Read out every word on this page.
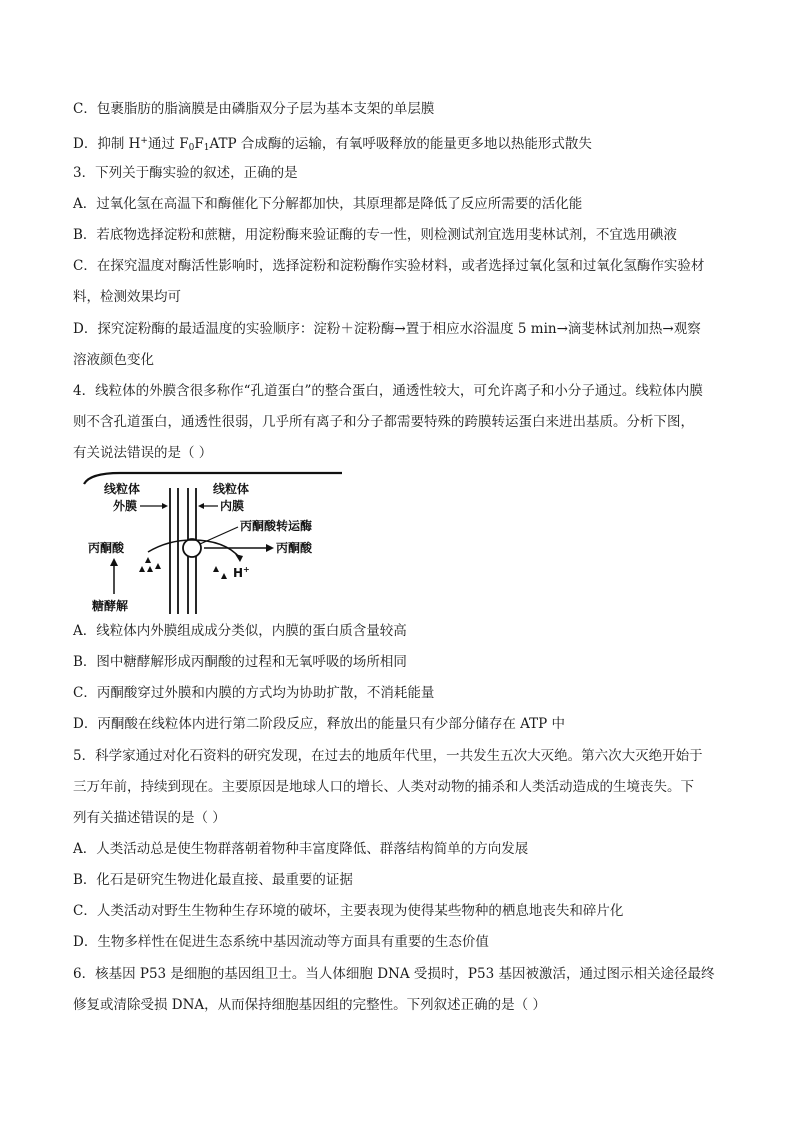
C．包裹脂肪的脂滴膜是由磷脂双分子层为基本支架的单层膜
D．抑制 H+通过 $F_0F_1ATP$ 合成酶的运输，有氧呼吸释放的能量更多地以热能形式散失
3．下列关于酶实验的叙述，正确的是
A．过氧化氢在高温下和酶催化下分解都加快，其原理都是降低了反应所需要的活化能
B．若底物选择淀粉和蔗糖，用淀粉酶来验证酶的专一性，则检测试剂宜选用斐林试剂，不宜选用碘液
C．在探究温度对酶活性影响时，选择淀粉和淀粉酶作实验材料，或者选择过氧化氢和过氧化氢酶作实验材
料，检测效果均可
D．探究淀粉酶的最适温度的实验顺序：淀粉＋淀粉酶→置于相应水浴温度 5 min→滴斐林试剂加热→观察
溶液颜色变化
4．线粒体的外膜含很多称作“孔道蛋白”的整合蛋白，通透性较大，可允许离子和小分子通过。线粒体内膜
则不含孔道蛋白，通透性很弱，几乎所有离子和分子都需要特殊的跨膜转运蛋白来进出基质。分析下图，
有关说法错误的是（ ）
线粒体
外膜
线粒体
内膜
丙酮酸转运酶
丙酮酸	丙酮酸
H+
糖酵解
A．线粒体内外膜组成成分类似，内膜的蛋白质含量较高
B．图中糖酵解形成丙酮酸的过程和无氧呼吸的场所相同
C．丙酮酸穿过外膜和内膜的方式均为协助扩散，不消耗能量
D．丙酮酸在线粒体内进行第二阶段反应，释放出的能量只有少部分储存在 ATP 中
5．科学家通过对化石资料的研究发现，在过去的地质年代里，一共发生五次大灭绝。第六次大灭绝开始于
三万年前，持续到现在。主要原因是地球人口的增长、人类对动物的捕杀和人类活动造成的生境丧失。下
列有关描述错误的是（ ）
A．人类活动总是使生物群落朝着物种丰富度降低、群落结构简单的方向发展
B．化石是研究生物进化最直接、最重要的证据
C．人类活动对野生生物种生存环境的破坏，主要表现为使得某些物种的栖息地丧失和碎片化
D．生物多样性在促进生态系统中基因流动等方面具有重要的生态价值
6．核基因 P53 是细胞的基因组卫士。当人体细胞 DNA 受损时，P53 基因被激活，通过图示相关途径最终
修复或清除受损 DNA，从而保持细胞基因组的完整性。下列叙述正确的是（ ）
